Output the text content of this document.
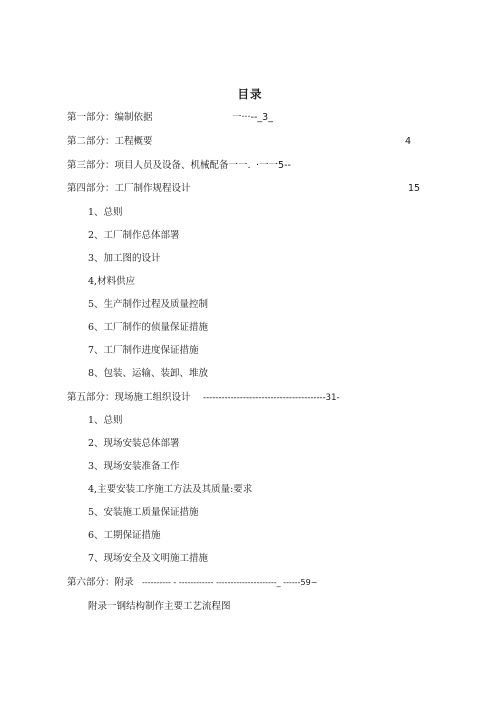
目录
第一部分：编制依据	一···--_3_
第二部分：工程概要	4
第三部分：项目人员及设备、机械配备一一. ·一一5--
第四部分：工厂制作规程设计	15
1、总则
2、工厂制作总体部署
3、加工图的设计
4,材料供应
5、生产制作过程及质量控制
6、工厂制作的侦量保证措施
7、工厂制作进度保证措施
8、包装、运输、装卸、堆放
第五部分：现场施工组织设计 ----------------------------------------31-
1、总则
2、现场安装总体部署
3、现场安装准备工作
4,主要安装工序施工方法及其质量:要求
5、安装施工质量保证措施
6、工期保证措施
7、现场安全及文明施工措施
第六部分：附录 ---------- - ------------ ---------------------_ ------59~
附录一钢结构制作主要工艺流程图
